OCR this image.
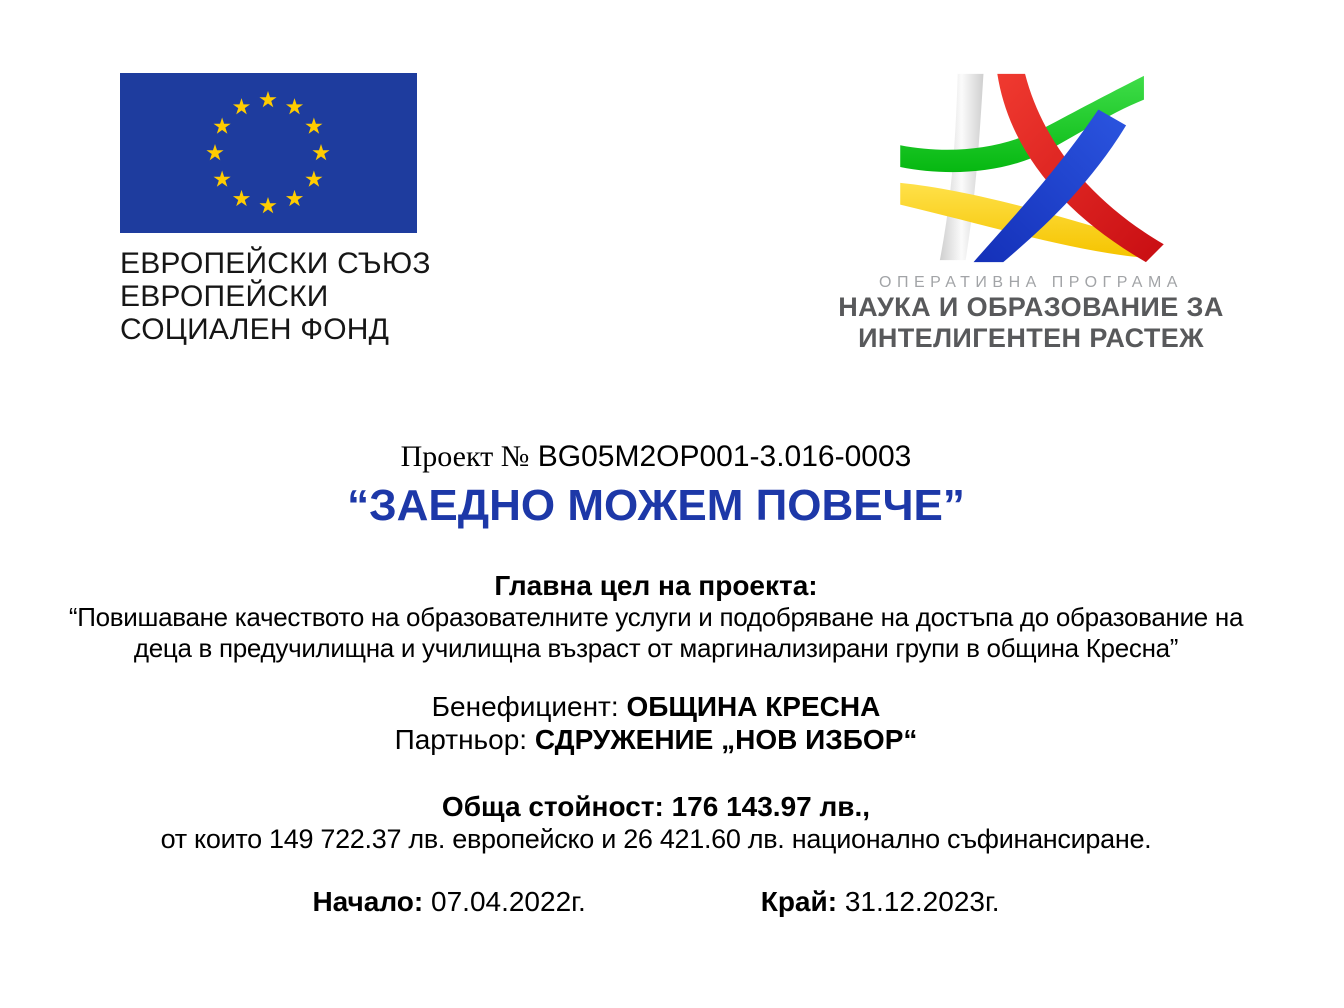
ЕВРОПЕЙСКИ СЪЮЗ
ЕВРОПЕЙСКИ
СОЦИАЛЕН ФОНД
ОПЕРАТИВНА ПРОГРАМА
НАУКА И ОБРАЗОВАНИЕ ЗА
ИНТЕЛИГЕНТЕН РАСТЕЖ
Проект № BG05M2OP001-3.016-0003
“ЗАЕДНО МОЖЕМ ПОВЕЧЕ”
Главна цел на проекта:
“Повишаване качеството на образователните услуги и подобряване на достъпа до образование на
деца в предучилищна и училищна възраст от маргинализирани групи в община Кресна”
Бенефициент: ОБЩИНА КРЕСНА
Партньор: СДРУЖЕНИЕ „НОВ ИЗБОР“
Обща стойност: 176 143.97 лв.,
от които 149 722.37 лв. европейско и 26 421.60 лв. национално съфинансиране.
Начало: 07.04.2022г.	Край: 31.12.2023г.
